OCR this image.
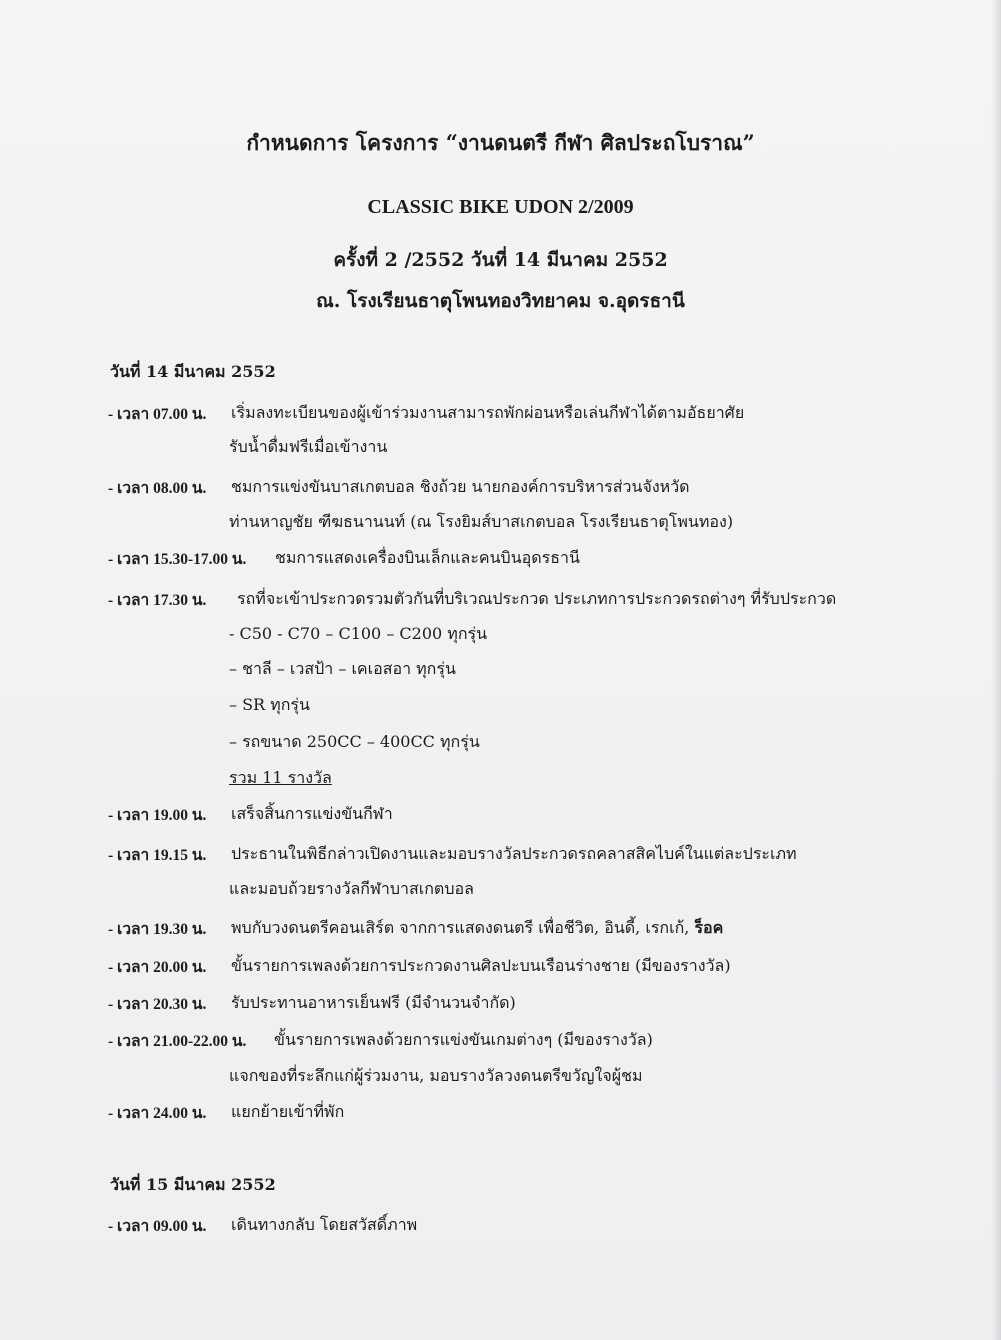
กำหนดการ โครงการ “งานดนตรี กีฬา ศิลประถโบราณ”
CLASSIC BIKE UDON 2/2009
ครั้งที่ 2 /2552 วันที่ 14 มีนาคม 2552
ณ. โรงเรียนธาตุโพนทองวิทยาคม จ.อุดรธานี
วันที่ 14 มีนาคม 2552
- เวลา 07.00 น. เริ่มลงทะเบียนของผู้เข้าร่วมงานสามารถพักผ่อนหรือเล่นกีฬาได้ตามอัธยาศัย
รับน้ำดื่มฟรีเมื่อเข้างาน
- เวลา 08.00 น. ชมการแข่งขันบาสเกตบอล ชิงถ้วย นายกองค์การบริหารส่วนจังหวัด
ท่านหาญชัย ฑีฆธนานนท์ (ณ โรงยิมส์บาสเกตบอล โรงเรียนธาตุโพนทอง)
- เวลา 15.30-17.00 น. ชมการแสดงเครื่องบินเล็กและคนบินอุดรธานี
- เวลา 17.30 น. รถที่จะเข้าประกวดรวมตัวกันที่บริเวณประกวด ประเภทการประกวดรถต่างๆ ที่รับประกวด
- C50 - C70 – C100 – C200 ทุกรุ่น
– ชาลี – เวสป้า – เคเอสอา ทุกรุ่น
– SR ทุกรุ่น
– รถขนาด 250CC – 400CC ทุกรุ่น
รวม 11 รางวัล
- เวลา 19.00 น. เสร็จสิ้นการแข่งขันกีฬา
- เวลา 19.15 น. ประธานในพิธีกล่าวเปิดงานและมอบรางวัลประกวดรถคลาสสิคไบค์ในแต่ละประเภท
และมอบถ้วยรางวัลกีฬาบาสเกตบอล
- เวลา 19.30 น. พบกับวงดนตรีคอนเสิร์ต จากการแสดงดนตรี เพื่อชีวิต, อินดี้, เรกเก้, ร็อค
- เวลา 20.00 น. ขั้นรายการเพลงด้วยการประกวดงานศิลปะบนเรือนร่างชาย (มีของรางวัล)
- เวลา 20.30 น. รับประทานอาหารเย็นฟรี (มีจำนวนจำกัด)
- เวลา 21.00-22.00 น. ขั้นรายการเพลงด้วยการแข่งขันเกมต่างๆ (มีของรางวัล)
แจกของที่ระลึกแก่ผู้ร่วมงาน, มอบรางวัลวงดนตรีขวัญใจผู้ชม
- เวลา 24.00 น. แยกย้ายเข้าที่พัก
วันที่ 15 มีนาคม 2552
- เวลา 09.00 น. เดินทางกลับ โดยสวัสดิ์ภาพ
